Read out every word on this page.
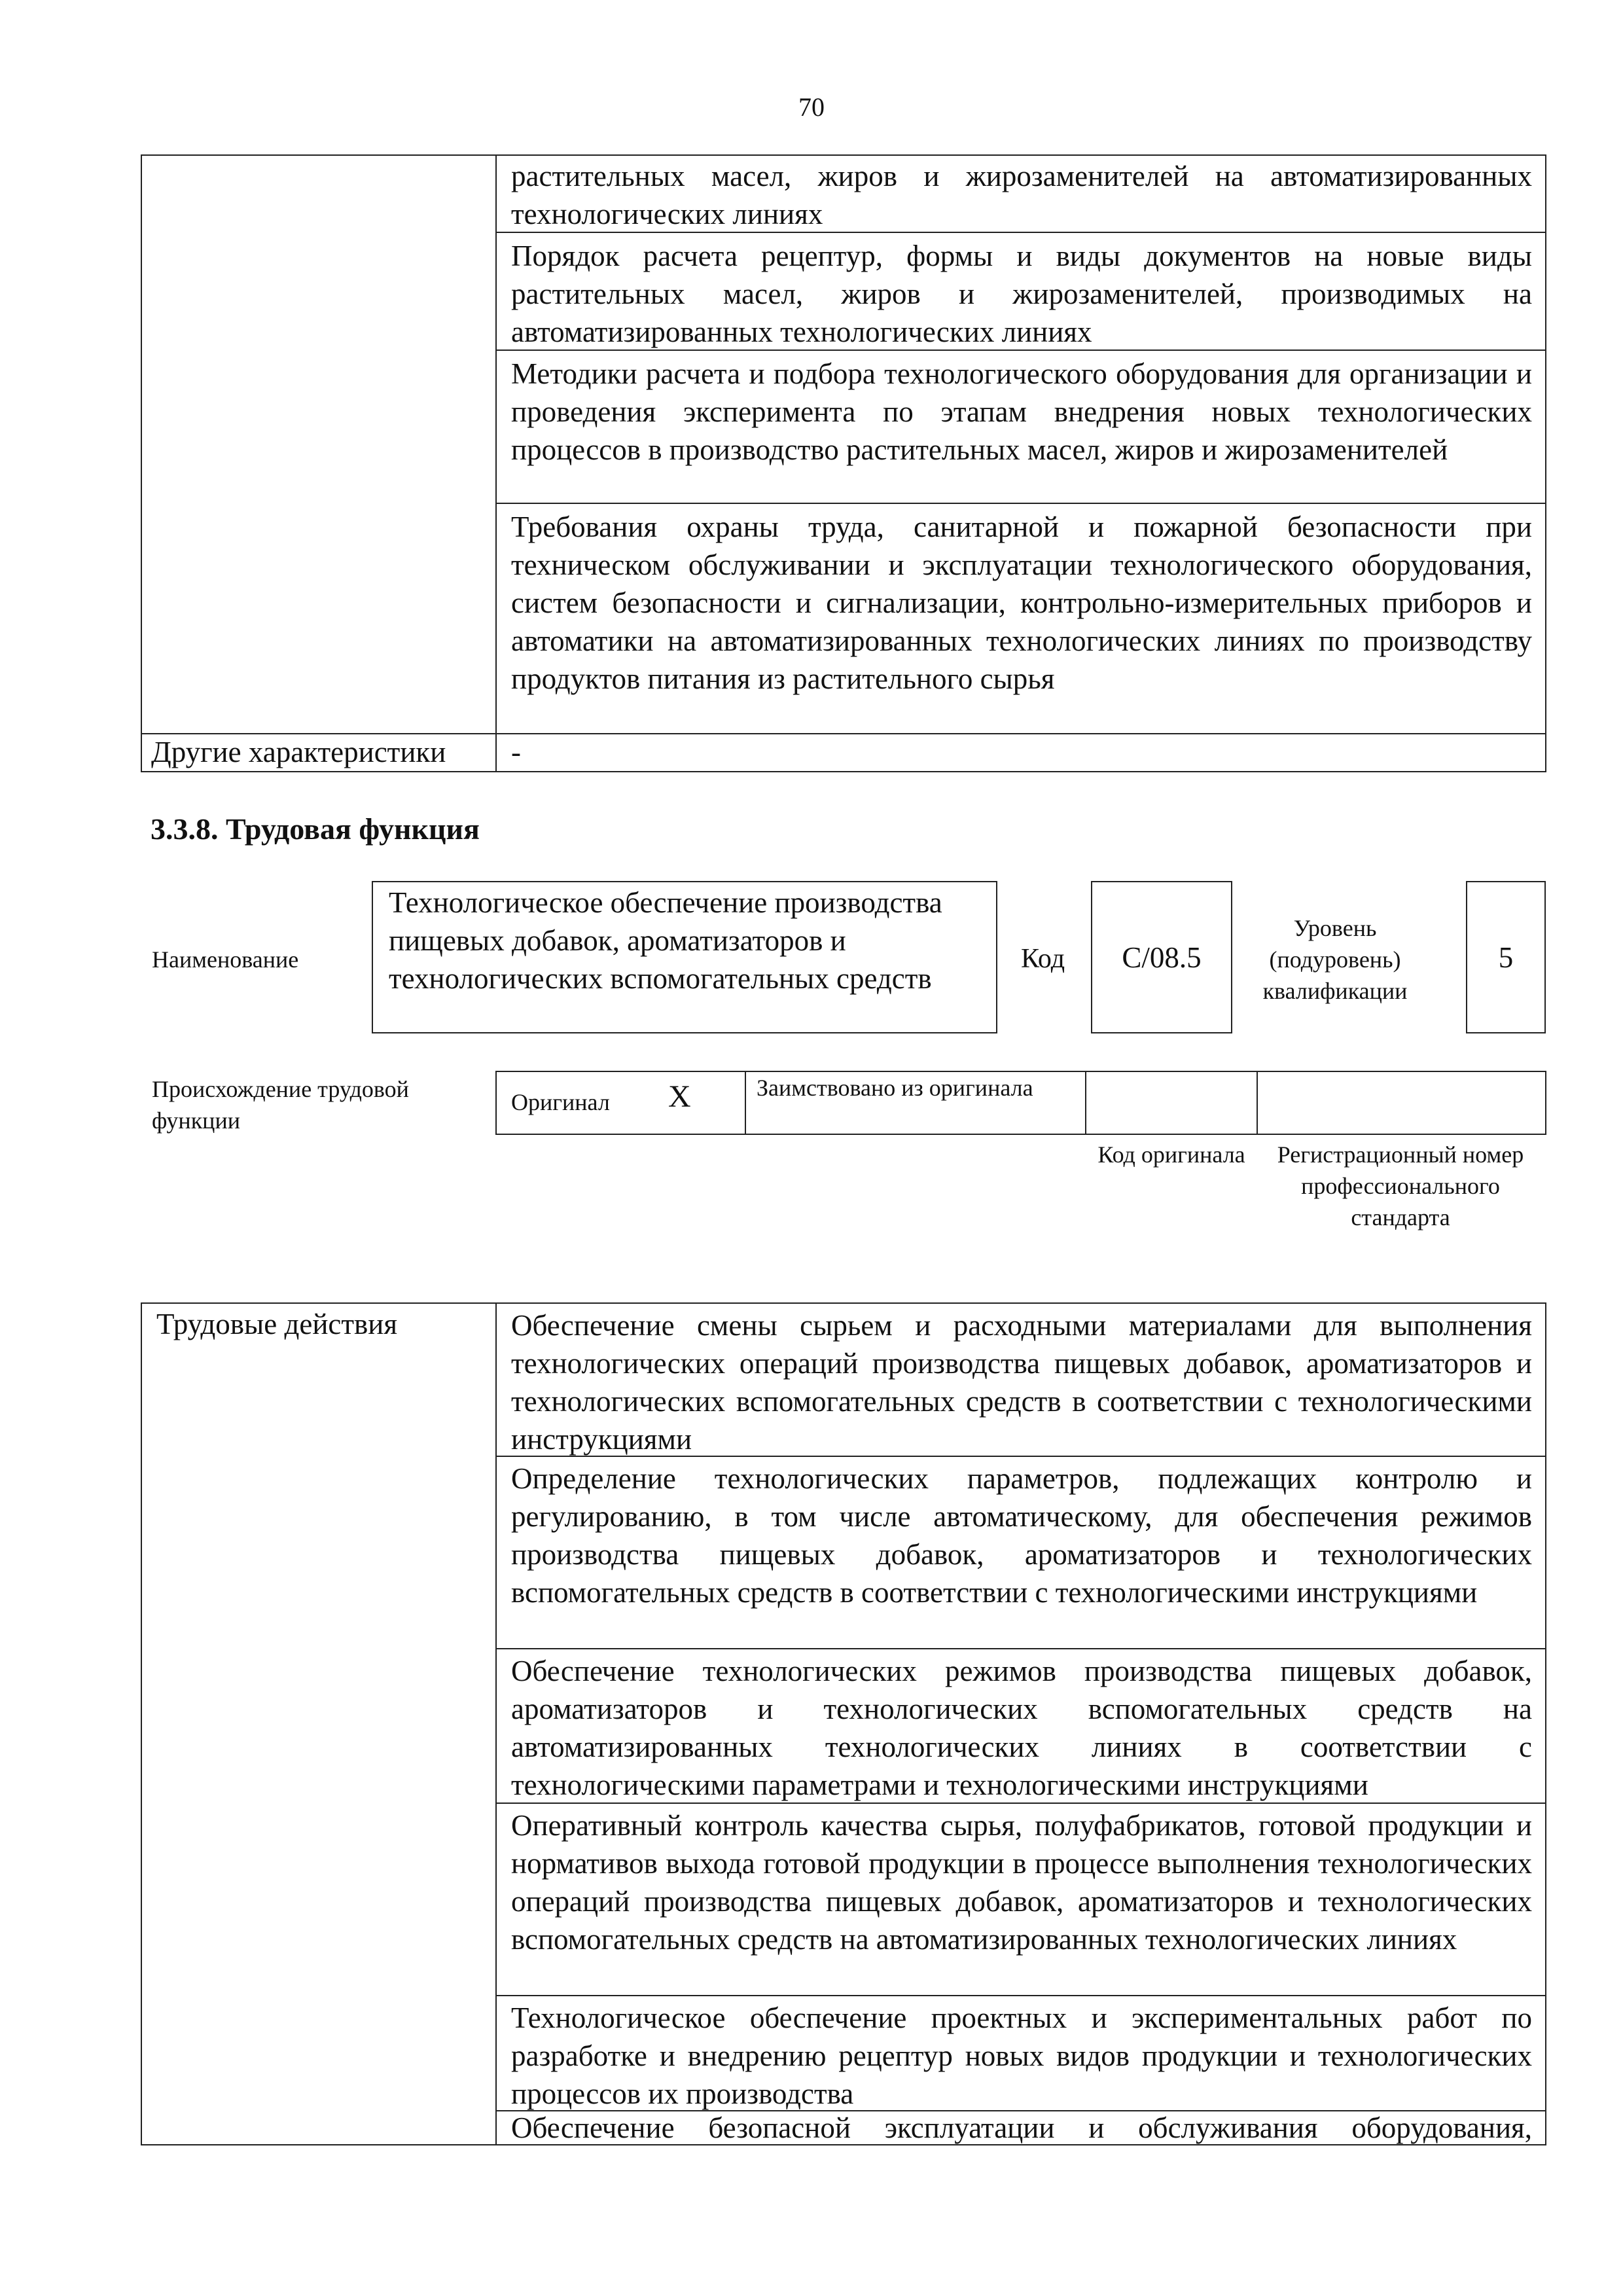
70
растительных масел, жиров и жирозаменителей на автоматизированных технологических линиях
Порядок расчета рецептур, формы и виды документов на новые виды растительных масел, жиров и жирозаменителей, производимых на автоматизированных технологических линиях
Методики расчета и подбора технологического оборудования для организации и проведения эксперимента по этапам внедрения новых технологических процессов в производство растительных масел, жиров и жирозаменителей
Требования охраны труда, санитарной и пожарной безопасности при техническом обслуживании и эксплуатации технологического оборудования, систем безопасности и сигнализации, контрольно-измерительных приборов и автоматики на автоматизированных технологических линиях по производству продуктов питания из растительного сырья
Другие характеристики	-
3.3.8. Трудовая функция
Наименование
Технологическое обеспечение производства пищевых добавок, ароматизаторов и технологических вспомогательных средств
Код	C/08.5
Уровень (подуровень) квалификации
5
Происхождение трудовой функции
Оригинал X	Заимствовано из оригинала
Код оригинала	Регистрационный номер профессионального стандарта
Трудовые действия	Обеспечение смены сырьем и расходными материалами для выполнения технологических операций производства пищевых добавок, ароматизаторов и технологических вспомогательных средств в соответствии с технологическими инструкциями
Определение технологических параметров, подлежащих контролю и регулированию, в том числе автоматическому, для обеспечения режимов производства пищевых добавок, ароматизаторов и технологических вспомогательных средств в соответствии с технологическими инструкциями
Обеспечение технологических режимов производства пищевых добавок, ароматизаторов и технологических вспомогательных средств на автоматизированных технологических линиях в соответствии с технологическими параметрами и технологическими инструкциями
Оперативный контроль качества сырья, полуфабрикатов, готовой продукции и нормативов выхода готовой продукции в процессе выполнения технологических операций производства пищевых добавок, ароматизаторов и технологических вспомогательных средств на автоматизированных технологических линиях
Технологическое обеспечение проектных и экспериментальных работ по разработке и внедрению рецептур новых видов продукции и технологических процессов их производства
Обеспечение безопасной эксплуатации и обслуживания оборудования,
